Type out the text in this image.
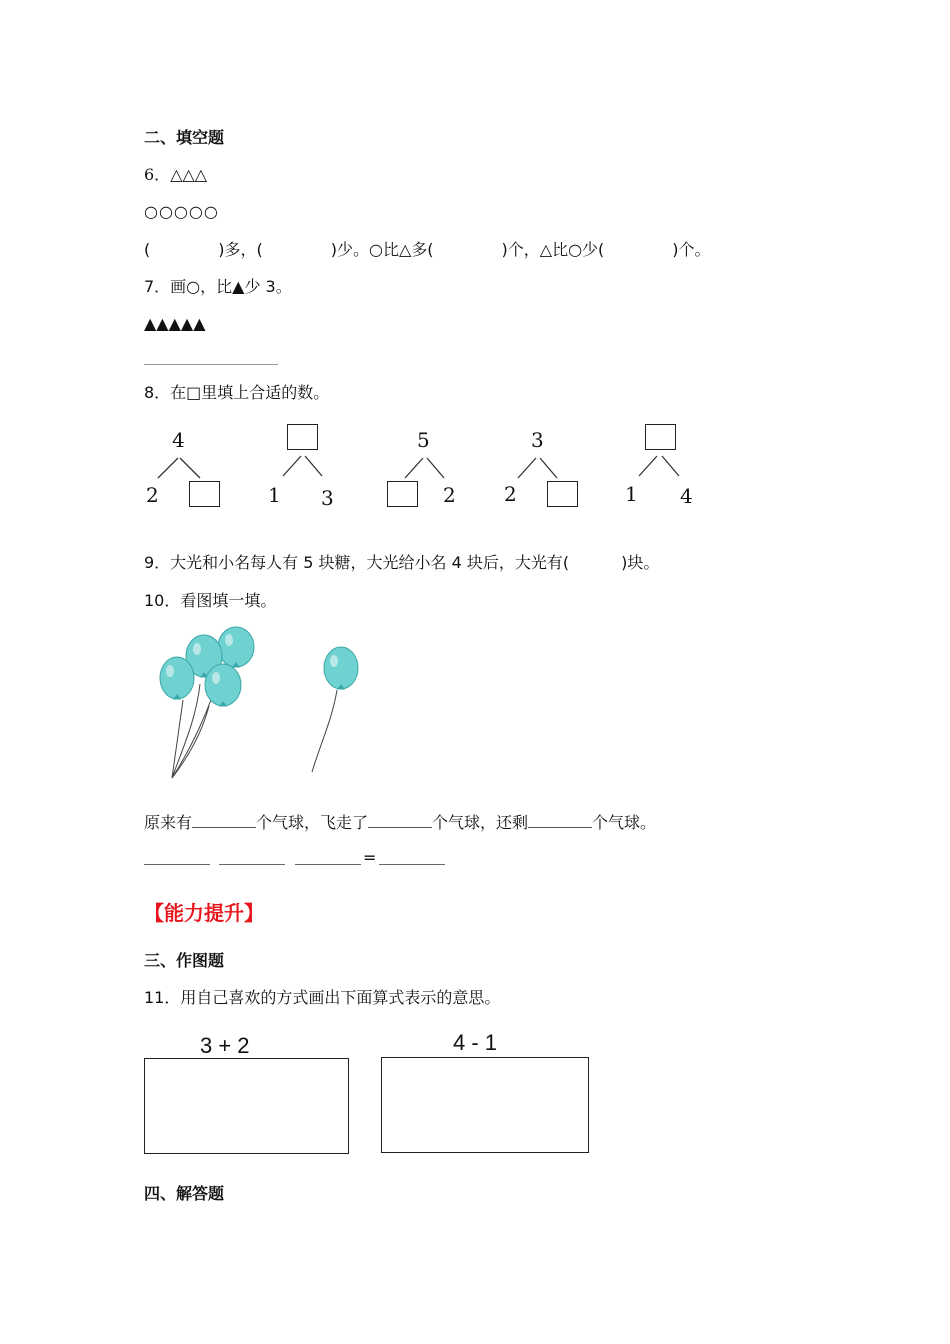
二、填空题
6．△△△
○○○○○
(	)多，(	)少。○比△多(	)个，△比○少(	)个。
7．画○，比▲少 3。
▲▲▲▲▲
8．在□里填上合适的数。
4
2	1 3
5
2
3
2	1 4
9．大光和小名每人有 5 块糖，大光给小名 4 块后，大光有(	)块。
10．看图填一填。
原来有	个气球，飞走了	个气球，还剩	个气球。
=
【能力提升】
三、作图题
11．用自己喜欢的方式画出下面算式表示的意思。
3 + 2	4 - 1
四、解答题
